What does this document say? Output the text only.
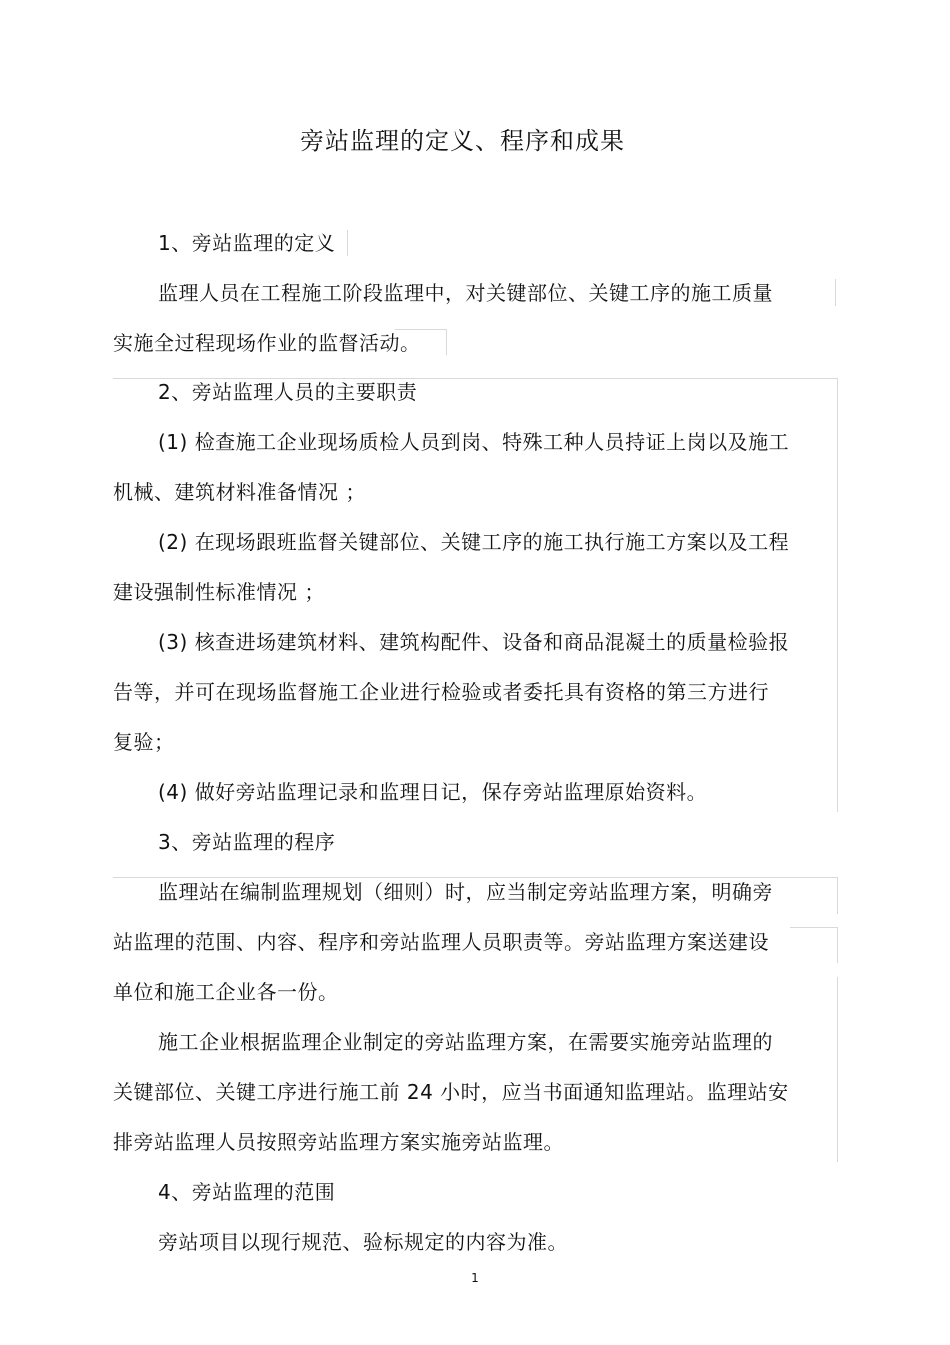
旁站监理的定义、程序和成果
1、旁站监理的定义
监理人员在工程施工阶段监理中，对关键部位、关键工序的施工质量
实施全过程现场作业的监督活动。
2、旁站监理人员的主要职责
(1) 检查施工企业现场质检人员到岗、特殊工种人员持证上岗以及施工
机械、建筑材料准备情况 ；
(2) 在现场跟班监督关键部位、关键工序的施工执行施工方案以及工程
建设强制性标准情况 ；
(3) 核查进场建筑材料、建筑构配件、设备和商品混凝土的质量检验报
告等，并可在现场监督施工企业进行检验或者委托具有资格的第三方进行
复验；
(4) 做好旁站监理记录和监理日记，保存旁站监理原始资料。
3、旁站监理的程序
监理站在编制监理规划（细则）时，应当制定旁站监理方案，明确旁
站监理的范围、内容、程序和旁站监理人员职责等。旁站监理方案送建设
单位和施工企业各一份。
施工企业根据监理企业制定的旁站监理方案，在需要实施旁站监理的
关键部位、关键工序进行施工前 24 小时，应当书面通知监理站。监理站安
排旁站监理人员按照旁站监理方案实施旁站监理。
4、旁站监理的范围
旁站项目以现行规范、验标规定的内容为准。
1
